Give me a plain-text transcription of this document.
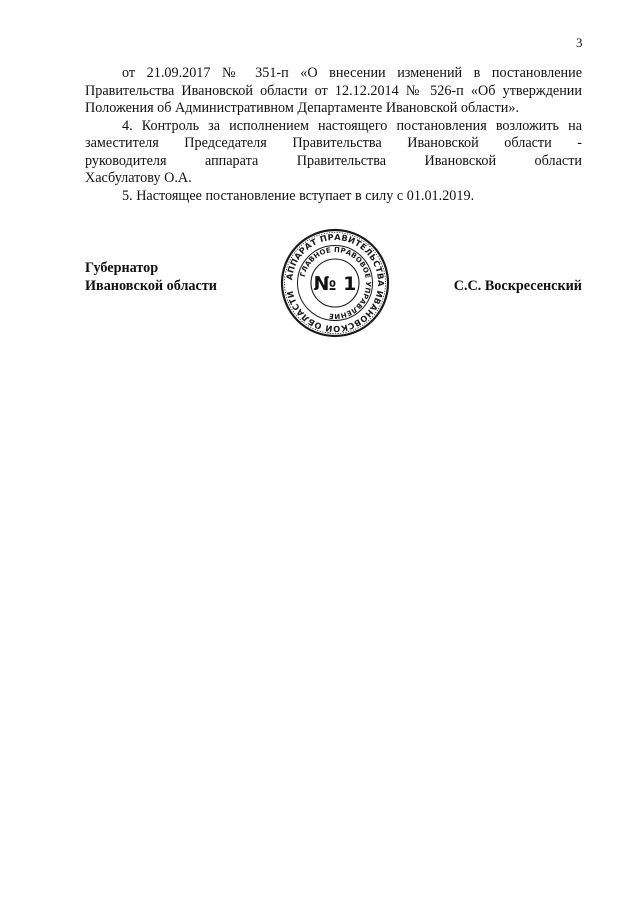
3
от 21.09.2017 № 351-п «О внесении изменений в постановление
Правительства Ивановской области от 12.12.2014 № 526-п «Об утверждении
Положения об Административном Департаменте Ивановской области».
4. Контроль за исполнением настоящего постановления возложить на
заместителя Председателя Правительства Ивановской области -
руководителя аппарата Правительства Ивановской области
Хасбулатову О.А.
5. Настоящее постановление вступает в силу с 01.01.2019.
Губернатор
Ивановской области
АППАРАТ ПРАВИТЕЛЬСТВА ИВАНОВСКОЙ ОБЛАСТИ
ГЛАВНОЕ ПРАВОВОЕ УПРАВЛЕНИЕ
№ 1	С.С. Воскресенский
